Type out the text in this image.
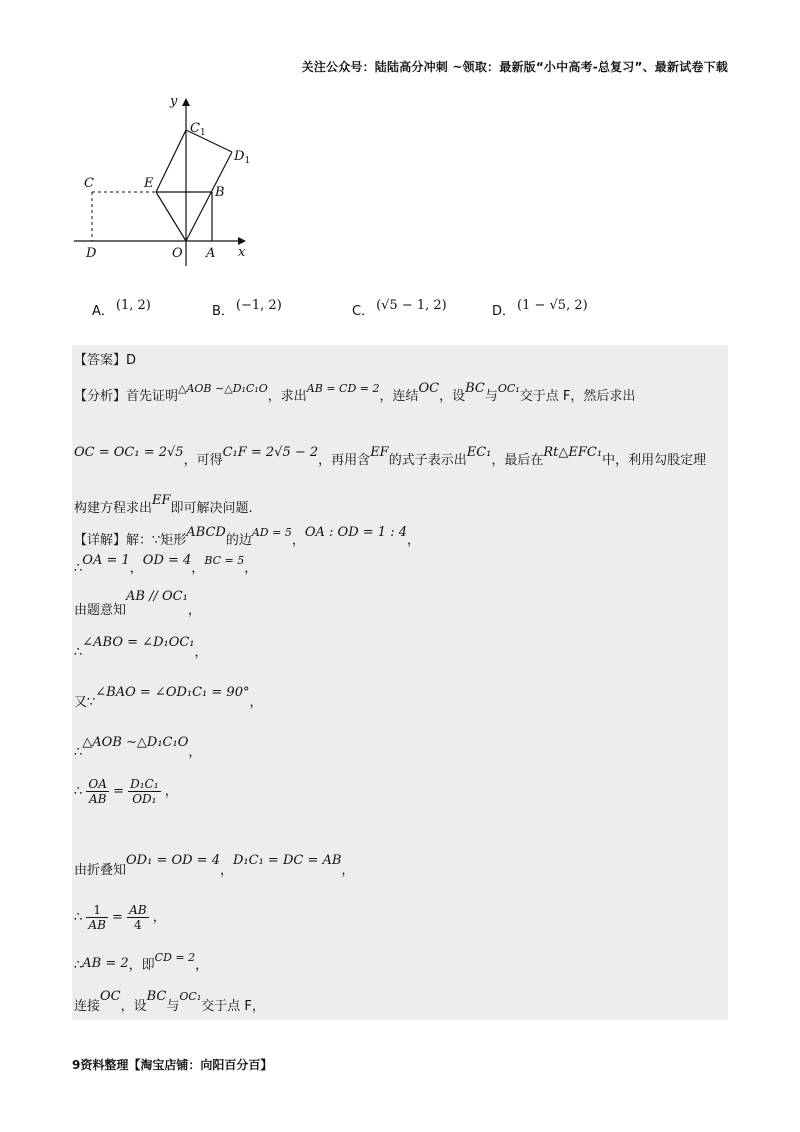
关注公众号：陆陆高分冲刺 ~领取：最新版“小中高考-总复习”、最新试卷下载
y
x
$C_1$
$D_1$
C	E
B
D	O A
A． (1, 2)	B． (−1, 2)	C． (√5 − 1, 2)	D． (1 − √5, 2)
【答案】D
【分析】首先证明△AOB ∼△D₁C₁O，求出AB = CD = 2，连结OC，设BC与OC₁交于点 F，然后求出
OC = OC₁ = 2√5，可得C₁F = 2√5 − 2，再用含EF的式子表示出EC₁，最后在Rt△EFC₁中，利用勾股定理
构建方程求出EF即可解决问题.
【详解】解：∵矩形ABCD的边AD = 5，OA : OD = 1 : 4，
∴OA = 1，OD = 4，BC = 5，
由题意知AB // OC₁，
∴∠ABO = ∠D₁OC₁，
又∵∠BAO = ∠OD₁C₁ = 90°，
∴△AOB ∼△D₁C₁O，
∴ $\frac{OA}{AB} = \frac{\text{D₁C₁}}{\text{OD₁}}$ ，
由折叠知OD₁ = OD = 4，D₁C₁ = DC = AB，
∴ $\frac{1}{AB} = \frac{AB}{4}$ ，
∴AB = 2，即CD = 2，
连接OC，设BC与OC₁交于点 F，
9资料整理【淘宝店铺：向阳百分百】
